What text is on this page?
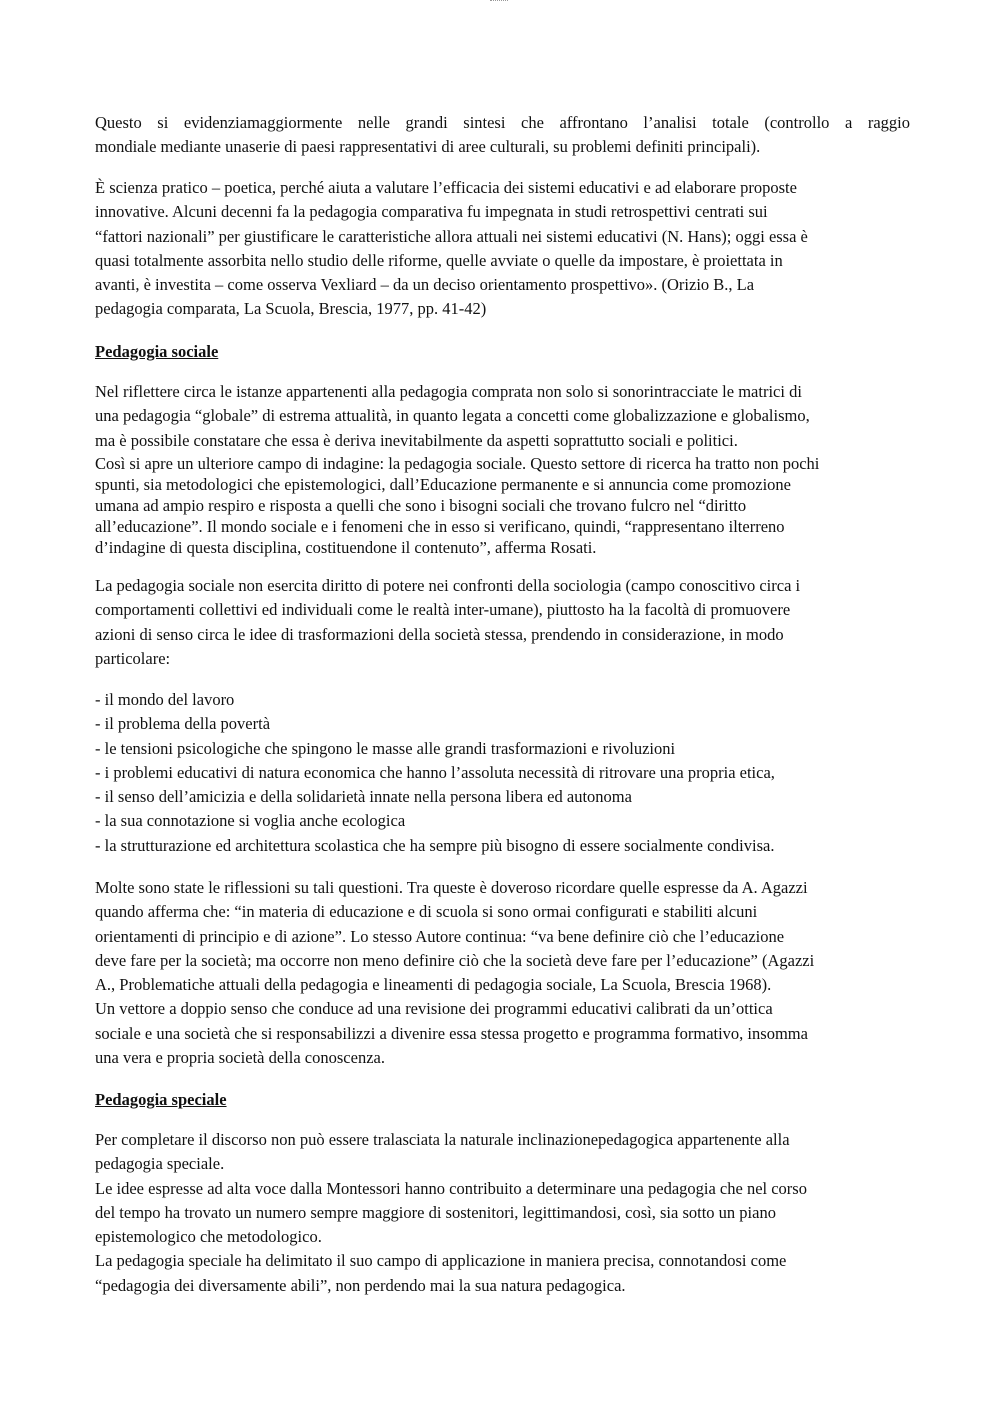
Questo si evidenziamaggiormente nelle grandi sintesi che affrontano l’analisi totale (controllo a raggio
mondiale mediante unaserie di paesi rappresentativi di aree culturali, su problemi definiti principali).

È scienza pratico – poetica, perché aiuta a valutare l’efficacia dei sistemi educativi e ad elaborare proposte
innovative. Alcuni decenni fa la pedagogia comparativa fu impegnata in studi retrospettivi centrati sui
“fattori nazionali” per giustificare le caratteristiche allora attuali nei sistemi educativi (N. Hans); oggi essa è
quasi totalmente assorbita nello studio delle riforme, quelle avviate o quelle da impostare, è proiettata in
avanti, è investita – come osserva Vexliard – da un deciso orientamento prospettivo». (Orizio B., La
pedagogia comparata, La Scuola, Brescia, 1977, pp. 41-42)

Pedagogia sociale

Nel riflettere circa le istanze appartenenti alla pedagogia comprata non solo si sonorintracciate le matrici di
una pedagogia “globale” di estrema attualità, in quanto legata a concetti come globalizzazione e globalismo,
ma è possibile constatare che essa è deriva inevitabilmente da aspetti soprattutto sociali e politici.
Così si apre un ulteriore campo di indagine: la pedagogia sociale. Questo settore di ricerca ha tratto non pochi
spunti, sia metodologici che epistemologici, dall’Educazione permanente e si annuncia come promozione
umana ad ampio respiro e risposta a quelli che sono i bisogni sociali che trovano fulcro nel “diritto
all’educazione”. Il mondo sociale e i fenomeni che in esso si verificano, quindi, “rappresentano ilterreno
d’indagine di questa disciplina, costituendone il contenuto”, afferma Rosati.

La pedagogia sociale non esercita diritto di potere nei confronti della sociologia (campo conoscitivo circa i
comportamenti collettivi ed individuali come le realtà inter-umane), piuttosto ha la facoltà di promuovere
azioni di senso circa le idee di trasformazioni della società stessa, prendendo in considerazione, in modo
particolare:

- il mondo del lavoro
- il problema della povertà
- le tensioni psicologiche che spingono le masse alle grandi trasformazioni e rivoluzioni
- i problemi educativi di natura economica che hanno l’assoluta necessità di ritrovare una propria etica,
- il senso dell’amicizia e della solidarietà innate nella persona libera ed autonoma
- la sua connotazione si voglia anche ecologica
- la strutturazione ed architettura scolastica che ha sempre più bisogno di essere socialmente condivisa.

Molte sono state le riflessioni su tali questioni. Tra queste è doveroso ricordare quelle espresse da A. Agazzi
quando afferma che: “in materia di educazione e di scuola si sono ormai configurati e stabiliti alcuni
orientamenti di principio e di azione”. Lo stesso Autore continua: “va bene definire ciò che l’educazione
deve fare per la società; ma occorre non meno definire ciò che la società deve fare per l’educazione” (Agazzi
A., Problematiche attuali della pedagogia e lineamenti di pedagogia sociale, La Scuola, Brescia 1968).
Un vettore a doppio senso che conduce ad una revisione dei programmi educativi calibrati da un’ottica
sociale e una società che si responsabilizzi a divenire essa stessa progetto e programma formativo, insomma
una vera e propria società della conoscenza.

Pedagogia speciale

Per completare il discorso non può essere tralasciata la naturale inclinazionepedagogica appartenente alla
pedagogia speciale.
Le idee espresse ad alta voce dalla Montessori hanno contribuito a determinare una pedagogia che nel corso
del tempo ha trovato un numero sempre maggiore di sostenitori, legittimandosi, così, sia sotto un piano
epistemologico che metodologico.
La pedagogia speciale ha delimitato il suo campo di applicazione in maniera precisa, connotandosi come
“pedagogia dei diversamente abili”, non perdendo mai la sua natura pedagogica.
